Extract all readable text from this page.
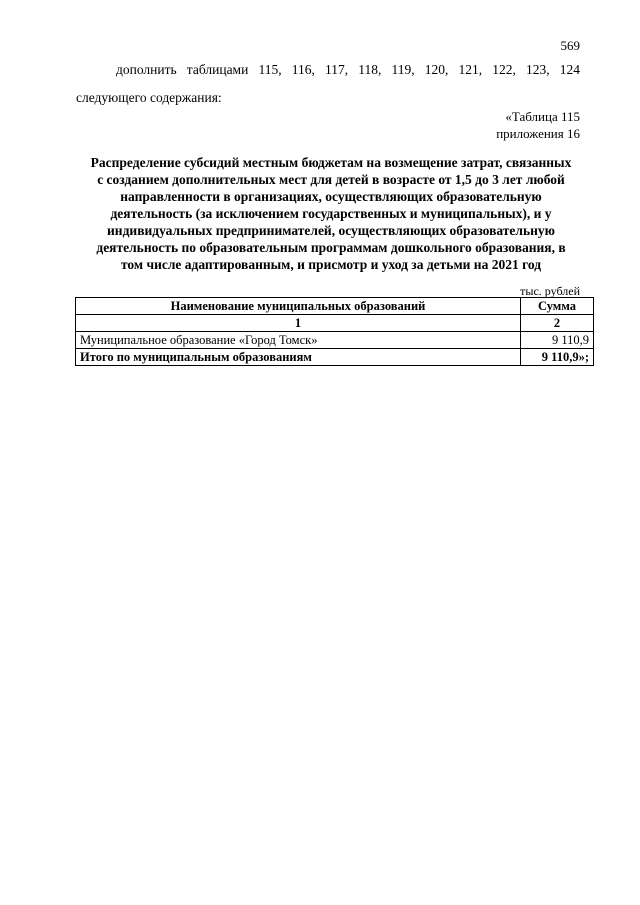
569
дополнить таблицами 115, 116, 117, 118, 119, 120, 121, 122, 123, 124
следующего содержания:
«Таблица 115
приложения 16
Распределение субсидий местным бюджетам на возмещение затрат, связанных
с созданием дополнительных мест для детей в возрасте от 1,5 до 3 лет любой
направленности в организациях, осуществляющих образовательную
деятельность (за исключением государственных и муниципальных), и у
индивидуальных предпринимателей, осуществляющих образовательную
деятельность по образовательным программам дошкольного образования, в
том числе адаптированным, и присмотр и уход за детьми на 2021 год
тыс. рублей
Наименование муниципальных образований	Сумма
1	2
Муниципальное образование «Город Томск»	9 110,9
Итого по муниципальным образованиям	9 110,9»;
